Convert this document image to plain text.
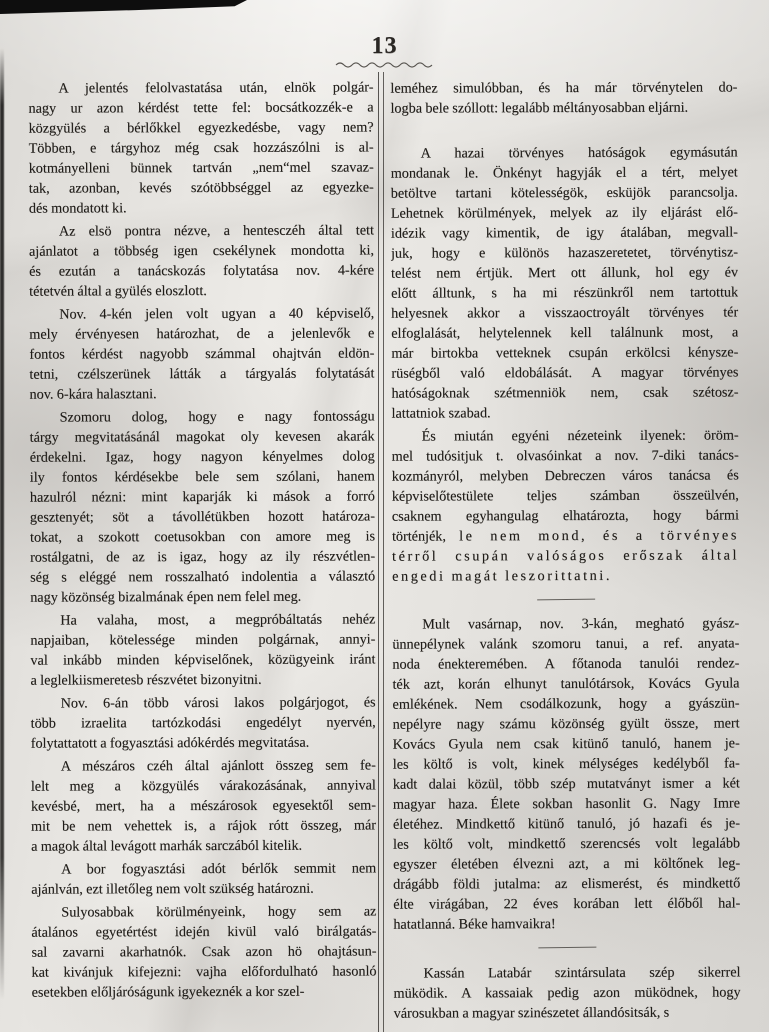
13
A jelentés felolvastatása után, elnök polgár-
nagy ur azon kérdést tette fel: bocsátkozzék-e a
közgyülés a bérlőkkel egyezkedésbe, vagy nem?
Többen, e tárgyhoz még csak hozzászólni is al-
kotmányelleni bünnek tartván „nem“mel szavaz-
tak, azonban, kevés szótöbbséggel az egyezke-
dés mondatott ki.
Az elsö pontra nézve, a hentesczéh által tett
ajánlatot a többség igen csekélynek mondotta ki,
és ezután a tanácskozás folytatása nov. 4-kére
tétetvén által a gyülés eloszlott.
Nov. 4-kén jelen volt ugyan a 40 képviselő,
mely érvényesen határozhat, de a jelenlevők e
fontos kérdést nagyobb számmal ohajtván eldön-
tetni, czélszerünek látták a tárgyalás folytatását
nov. 6-kára halasztani.
Szomoru dolog, hogy e nagy fontosságu
tárgy megvitatásánál magokat oly kevesen akarák
érdekelni. Igaz, hogy nagyon kényelmes dolog
ily fontos kérdésekbe bele sem szólani, hanem
hazulról nézni: mint kaparják ki mások a forró
gesztenyét; söt a távollétükben hozott határoza-
tokat, a szokott coetusokban con amore meg is
rostálgatni, de az is igaz, hogy az ily részvétlen-
ség s eléggé nem rosszalható indolentia a választó
nagy közönség bizalmának épen nem felel meg.
Ha valaha, most, a megpróbáltatás nehéz
napjaiban, kötelessége minden polgárnak, annyi-
val inkább minden képviselőnek, közügyeink iránt
a leglelkiismeretesb részvétet bizonyitni.
Nov. 6-án több városi lakos polgárjogot, és
több izraelita tartózkodási engedélyt nyervén,
folytattatott a fogyasztási adókérdés megvitatása.
A mészáros czéh által ajánlott összeg sem fe-
lelt meg a közgyülés várakozásának, annyival
kevésbé, mert, ha a mészárosok egyesektől sem-
mit be nem vehettek is, a rájok rótt összeg, már
a magok által levágott marhák sarczából kitelik.
A bor fogyasztási adót bérlők semmit nem
ajánlván, ezt illetőleg nem volt szükség határozni.
Sulyosabbak körülményeink, hogy sem az
átalános egyetértést idején kivül való birálgatás-
sal zavarni akarhatnók. Csak azon hö ohajtásun-
kat kivánjuk kifejezni: vajha előfordulható hasonló
esetekben előljáróságunk igyekeznék a kor szel-
leméhez simulóbban, és ha már törvénytelen do-
logba bele szóllott: legalább méltányosabban eljárni.
A hazai törvényes hatóságok egymásután
mondanak le. Önkényt hagyják el a tért, melyet
betöltve tartani kötelességök, esküjök parancsolja.
Lehetnek körülmények, melyek az ily eljárást elő-
idézik vagy kimentik, de igy átalában, megvall-
juk, hogy e különös hazaszeretetet, törvénytisz-
telést nem értjük. Mert ott állunk, hol egy év
előtt álltunk, s ha mi részünkről nem tartottuk
helyesnek akkor a visszaoctroyált törvényes tér
elfoglalását, helytelennek kell találnunk most, a
már birtokba vetteknek csupán erkölcsi kénysze-
rüségből való eldobálását. A magyar törvényes
hatóságoknak szétmenniök nem, csak szétosz-
lattatniok szabad.
És miután egyéni nézeteink ilyenek: öröm-
mel tudósitjuk t. olvasóinkat a nov. 7-diki tanács-
kozmányról, melyben Debreczen város tanácsa és
képviselőtestülete teljes számban összeülvén,
csaknem egyhangulag elhatározta, hogy bármi
történjék, le nem mond, és a törvényes
térről csupán valóságos erőszak által
engedi magát leszorittatni.
Mult vasárnap, nov. 3-kán, megható gyász-
ünnepélynek valánk szomoru tanui, a ref. anyata-
noda énekteremében. A főtanoda tanulói rendez-
ték azt, korán elhunyt tanulótársok, Kovács Gyula
emlékének. Nem csodálkozunk, hogy a gyászün-
nepélyre nagy számu közönség gyült össze, mert
Kovács Gyula nem csak kitünő tanuló, hanem je-
les költő is volt, kinek mélységes kedélyből fa-
kadt dalai közül, több szép mutatványt ismer a két
magyar haza. Élete sokban hasonlit G. Nagy Imre
életéhez. Mindkettő kitünő tanuló, jó hazafi és je-
les költő volt, mindkettő szerencsés volt legalább
egyszer életében élvezni azt, a mi költőnek leg-
drágább földi jutalma: az elismerést, és mindkettő
élte virágában, 22 éves korában lett élőből hal-
hatatlanná. Béke hamvaikra!
Kassán Latabár szintársulata szép sikerrel
müködik. A kassaiak pedig azon müködnek, hogy
városukban a magyar szinészetet állandósitsák, s
